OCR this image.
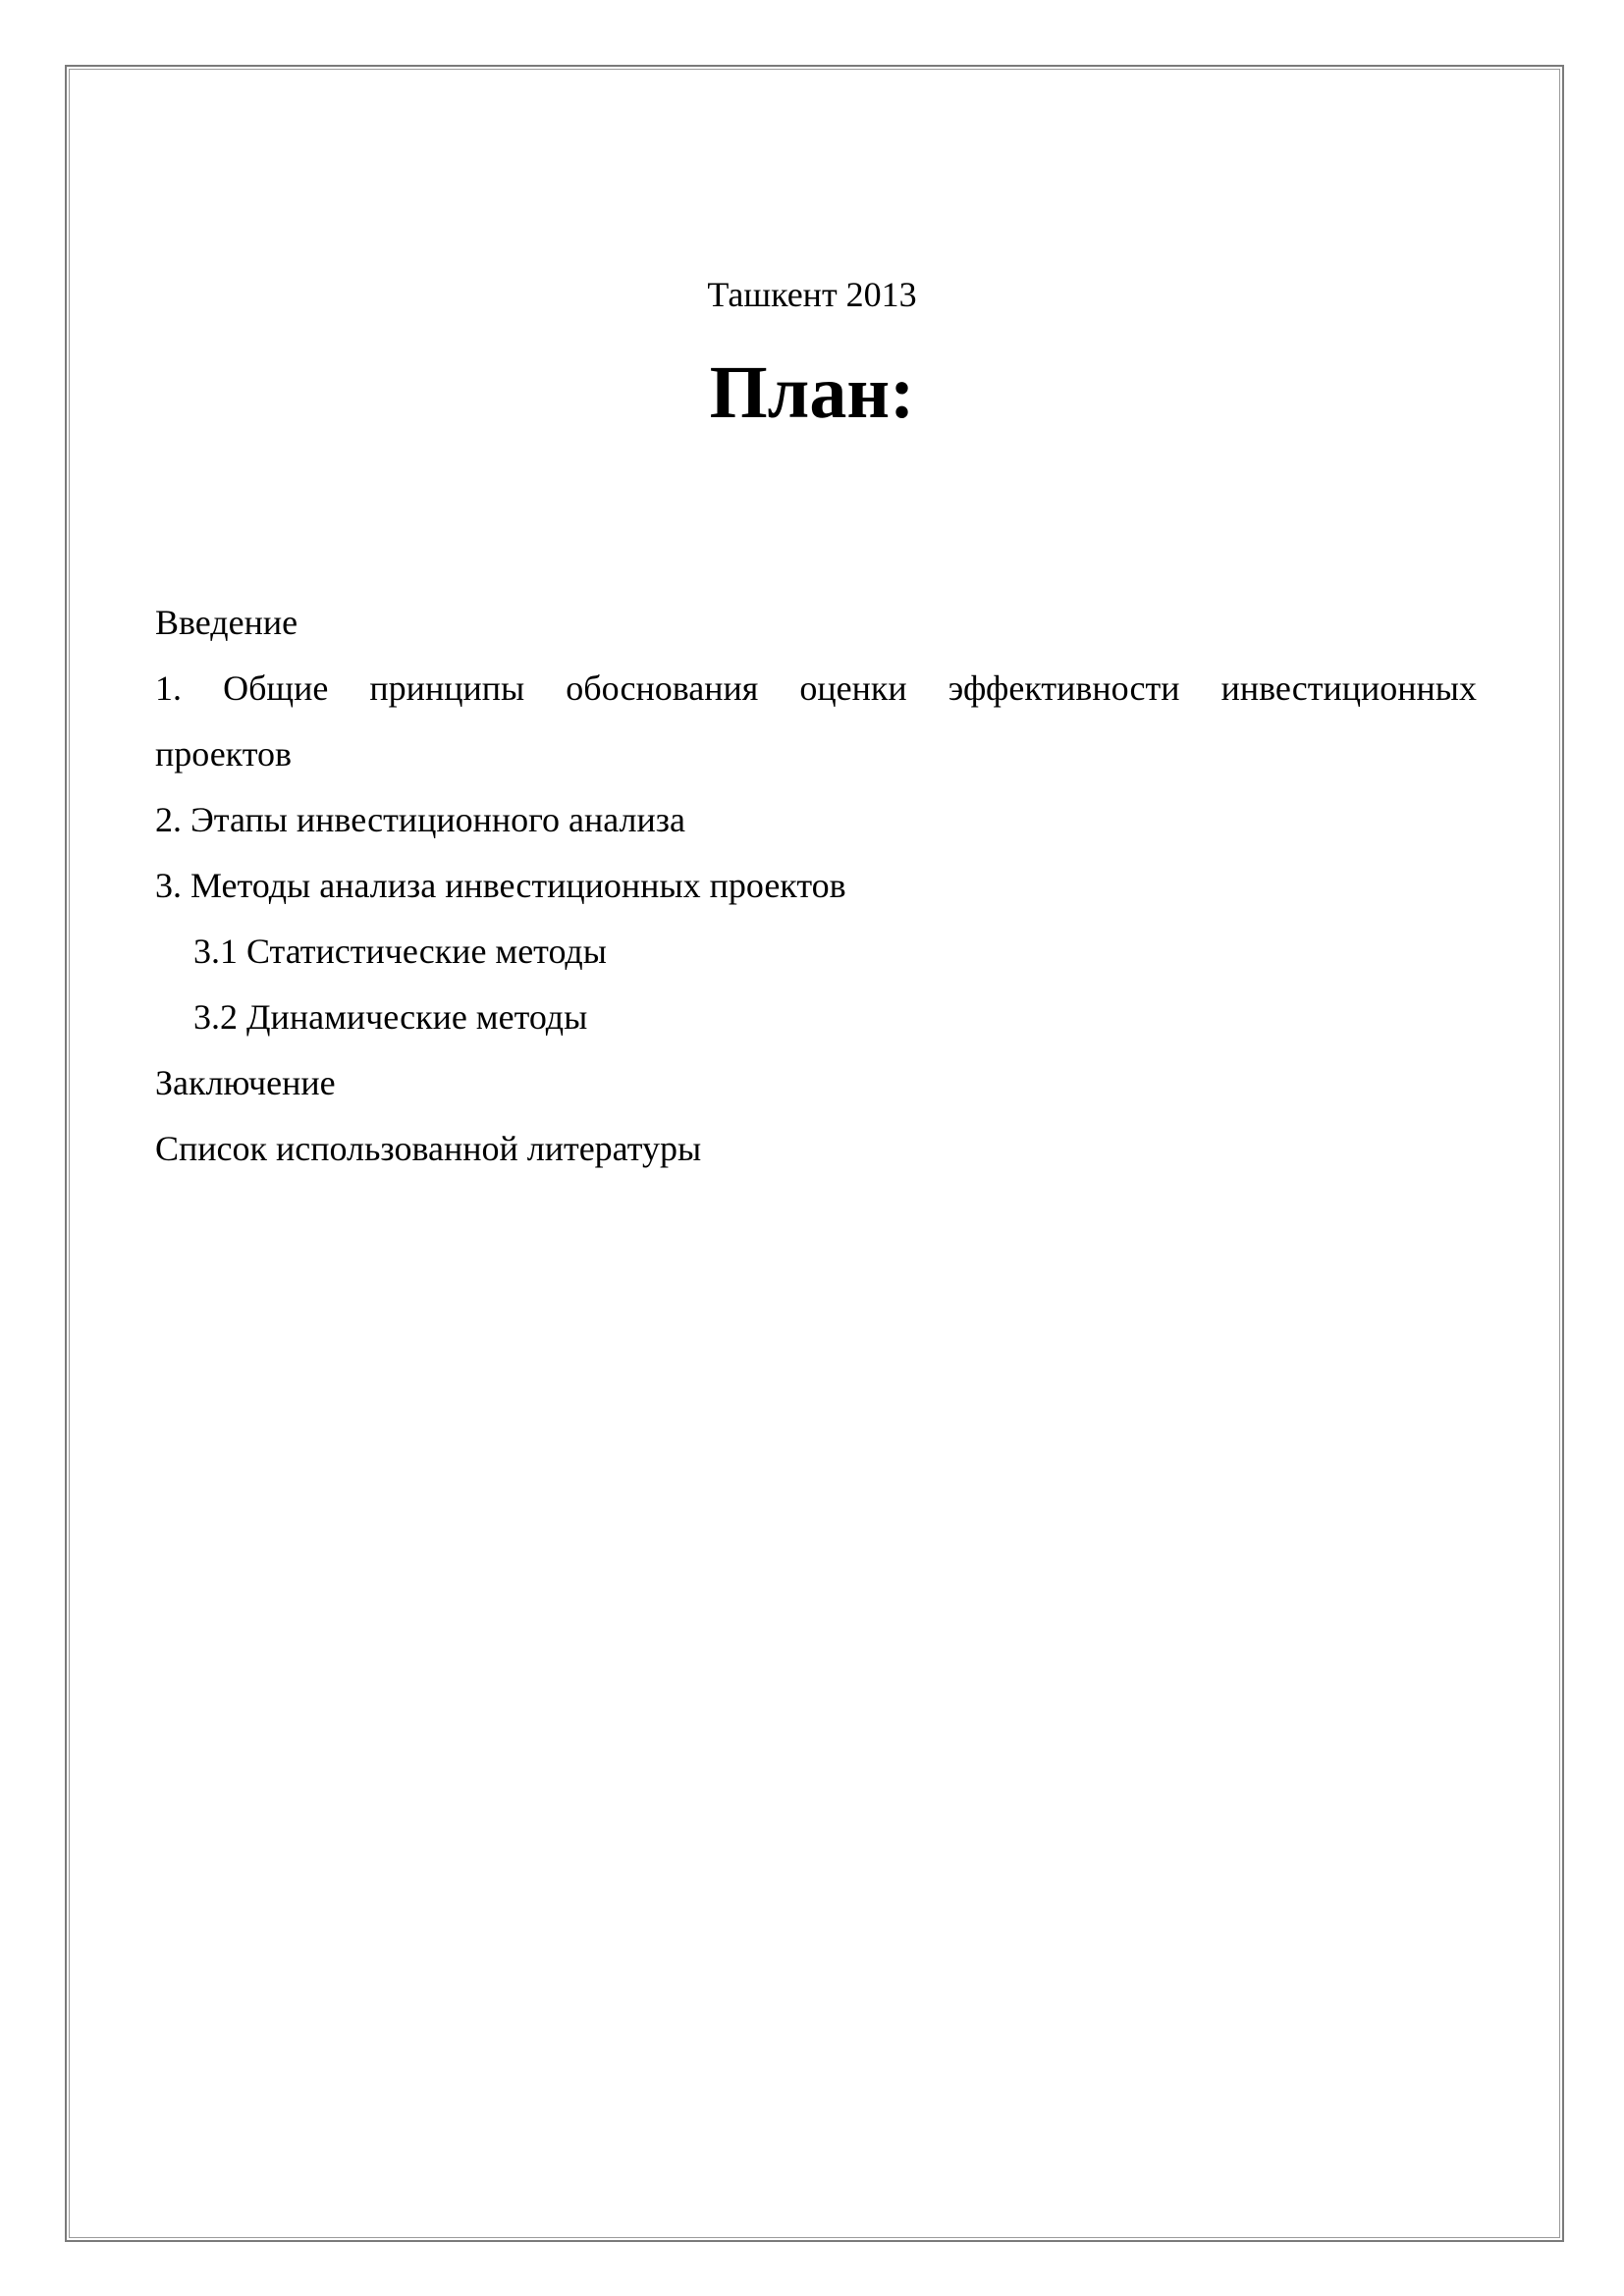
Ташкент 2013
План:
Введение
1. Общие принципы обоснования оценки эффективности инвестиционных
проектов
2. Этапы инвестиционного анализа
3. Методы анализа инвестиционных проектов
3.1 Статистические методы
3.2 Динамические методы
Заключение
Список использованной литературы
